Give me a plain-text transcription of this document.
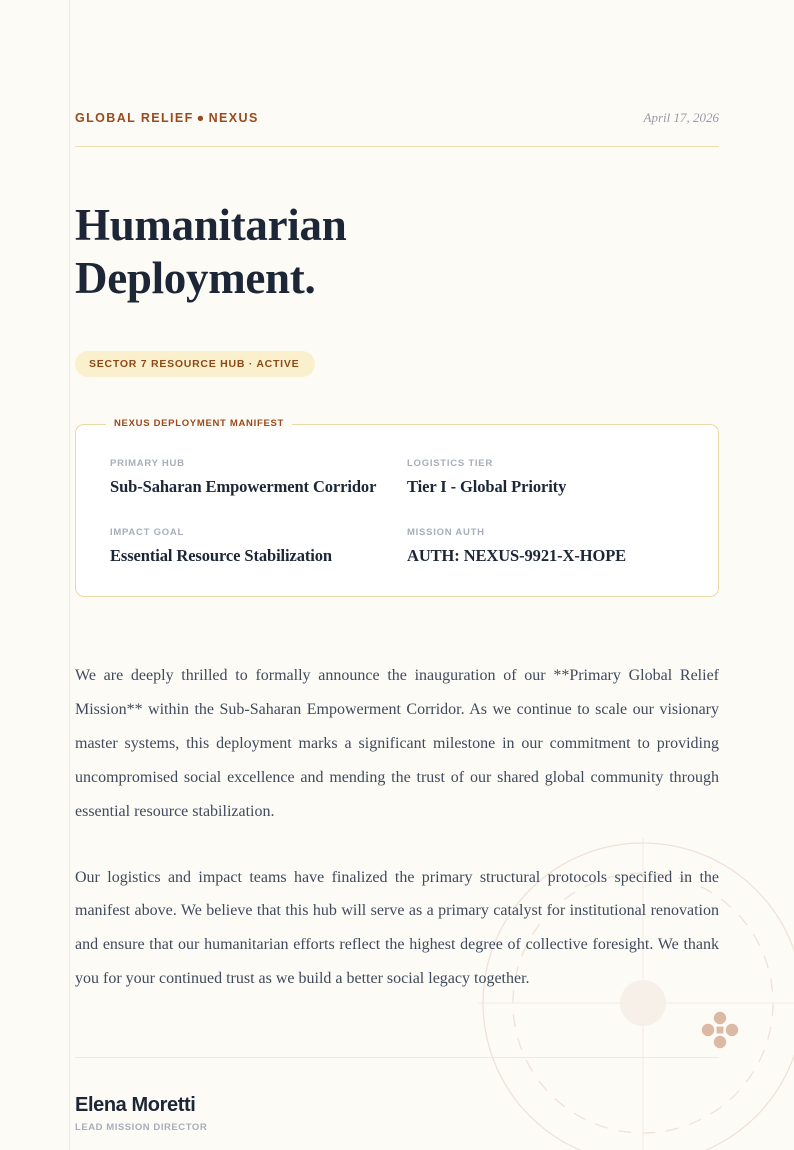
GLOBAL RELIEF ● NEXUS	April 17, 2026
Humanitarian
Deployment.
SECTOR 7 RESOURCE HUB · ACTIVE
NEXUS DEPLOYMENT MANIFEST
PRIMARY HUB
Sub-Saharan Empowerment Corridor
LOGISTICS TIER
Tier I - Global Priority
IMPACT GOAL
Essential Resource Stabilization
MISSION AUTH
AUTH: NEXUS-9921-X-HOPE

We are deeply thrilled to formally announce the inauguration of our **Primary Global Relief Mission** within the Sub-Saharan Empowerment Corridor. As we continue to scale our visionary master systems, this deployment marks a significant milestone in our commitment to providing uncompromised social excellence and mending the trust of our shared global community through essential resource stabilization.

Our logistics and impact teams have finalized the primary structural protocols specified in the manifest above. We believe that this hub will serve as a primary catalyst for institutional renovation and ensure that our humanitarian efforts reflect the highest degree of collective foresight. We thank you for your continued trust as we build a better social legacy together.

Elena Moretti
LEAD MISSION DIRECTOR
